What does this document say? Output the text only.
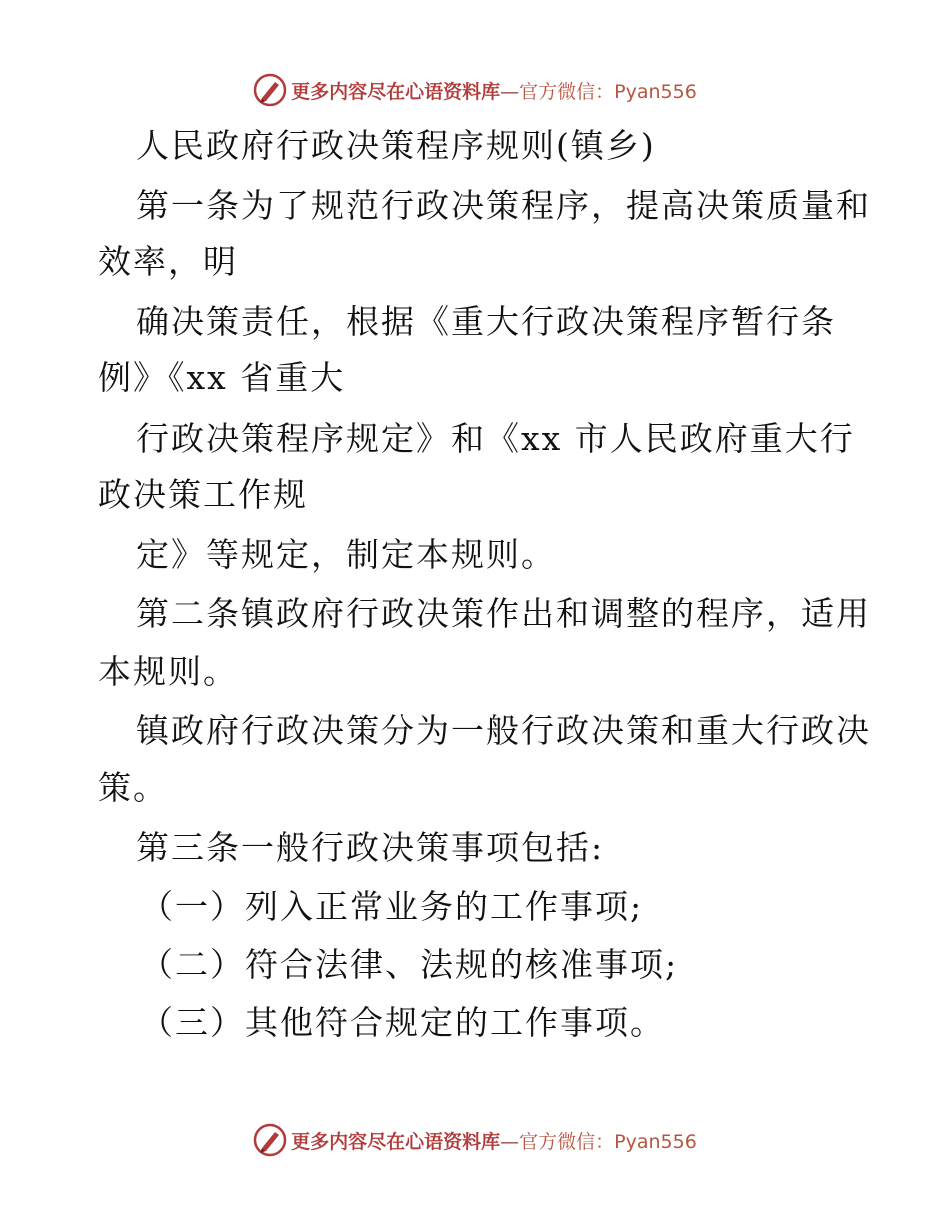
更多内容尽在心语资料库—官方微信：Pyan556

人民政府行政决策程序规则(镇乡)

第一条为了规范行政决策程序，提高决策质量和

效率，明

确决策责任，根据《重大行政决策程序暂行条

例》《xx 省重大

行政决策程序规定》和《xx 市人民政府重大行

政决策工作规

定》等规定，制定本规则。

第二条镇政府行政决策作出和调整的程序，适用

本规则。

镇政府行政决策分为一般行政决策和重大行政决

策。

第三条一般行政决策事项包括:

（一）列入正常业务的工作事项;

（二）符合法律、法规的核准事项;

（三）其他符合规定的工作事项。

更多内容尽在心语资料库—官方微信：Pyan556
